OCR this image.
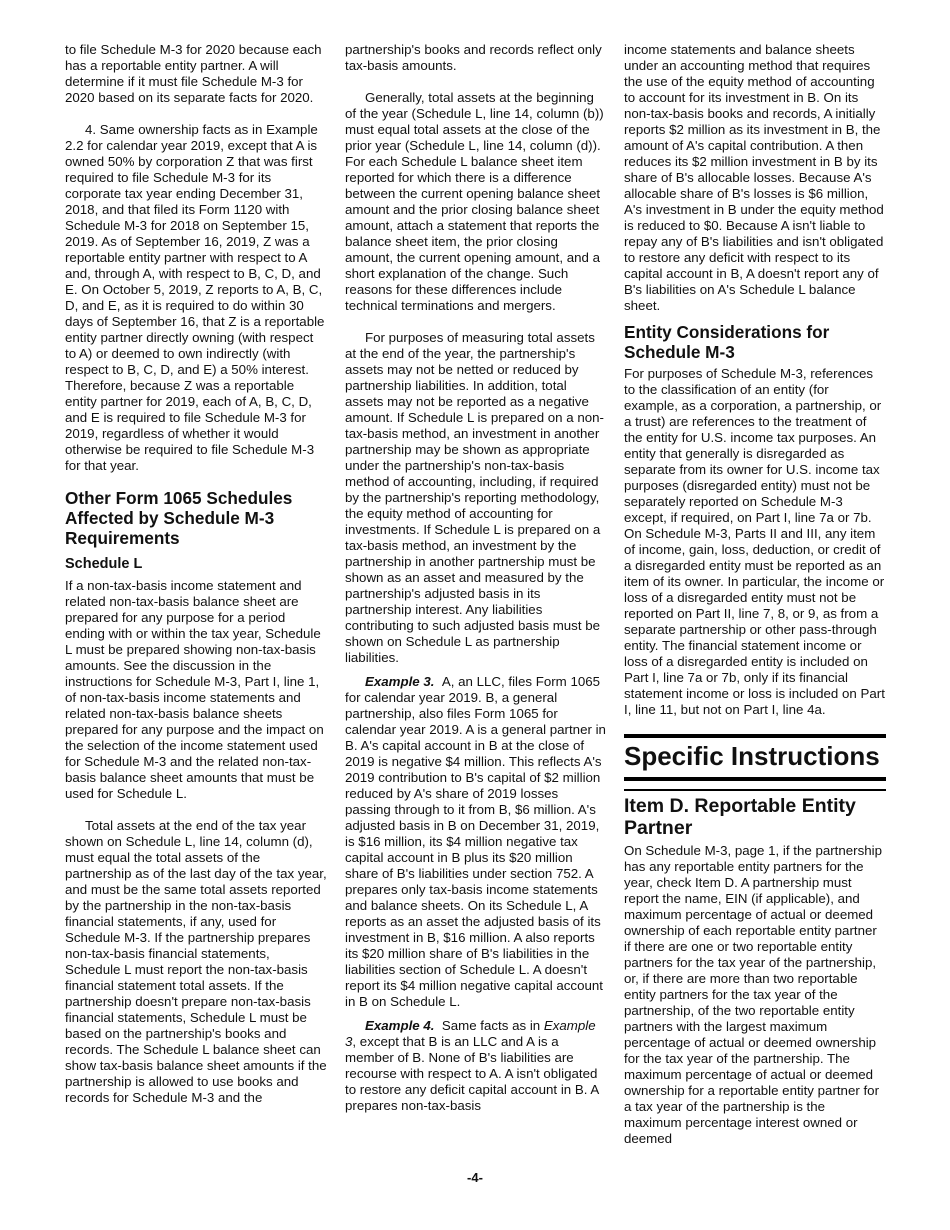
to file Schedule M-3 for 2020 because each has a reportable entity partner. A will determine if it must file Schedule M-3 for 2020 based on its separate facts for 2020.

4. Same ownership facts as in Example 2.2 for calendar year 2019, except that A is owned 50% by corporation Z that was first required to file Schedule M-3 for its corporate tax year ending December 31, 2018, and that filed its Form 1120 with Schedule M-3 for 2018 on September 15, 2019. As of September 16, 2019, Z was a reportable entity partner with respect to A and, through A, with respect to B, C, D, and E. On October 5, 2019, Z reports to A, B, C, D, and E, as it is required to do within 30 days of September 16, that Z is a reportable entity partner directly owning (with respect to A) or deemed to own indirectly (with respect to B, C, D, and E) a 50% interest. Therefore, because Z was a reportable entity partner for 2019, each of A, B, C, D, and E is required to file Schedule M-3 for 2019, regardless of whether it would otherwise be required to file Schedule M-3 for that year.

Other Form 1065 Schedules Affected by Schedule M-3 Requirements
Schedule L

If a non-tax-basis income statement and related non-tax-basis balance sheet are prepared for any purpose for a period ending with or within the tax year, Schedule L must be prepared showing non-tax-basis amounts. See the discussion in the instructions for Schedule M-3, Part I, line 1, of non-tax-basis income statements and related non-tax-basis balance sheets prepared for any purpose and the impact on the selection of the income statement used for Schedule M-3 and the related non-tax-basis balance sheet amounts that must be used for Schedule L.

Total assets at the end of the tax year shown on Schedule L, line 14, column (d), must equal the total assets of the partnership as of the last day of the tax year, and must be the same total assets reported by the partnership in the non-tax-basis financial statements, if any, used for Schedule M-3. If the partnership prepares non-tax-basis financial statements, Schedule L must report the non-tax-basis financial statement total assets. If the partnership doesn't prepare non-tax-basis financial statements, Schedule L must be based on the partnership's books and records. The Schedule L balance sheet can show tax-basis balance sheet amounts if the partnership is allowed to use books and records for Schedule M-3 and the

partnership's books and records reflect only tax-basis amounts.

Generally, total assets at the beginning of the year (Schedule L, line 14, column (b)) must equal total assets at the close of the prior year (Schedule L, line 14, column (d)). For each Schedule L balance sheet item reported for which there is a difference between the current opening balance sheet amount and the prior closing balance sheet amount, attach a statement that reports the balance sheet item, the prior closing amount, the current opening amount, and a short explanation of the change. Such reasons for these differences include technical terminations and mergers.

For purposes of measuring total assets at the end of the year, the partnership's assets may not be netted or reduced by partnership liabilities. In addition, total assets may not be reported as a negative amount. If Schedule L is prepared on a non-tax-basis method, an investment in another partnership may be shown as appropriate under the partnership's non-tax-basis method of accounting, including, if required by the partnership's reporting methodology, the equity method of accounting for investments. If Schedule L is prepared on a tax-basis method, an investment by the partnership in another partnership must be shown as an asset and measured by the partnership's adjusted basis in its partnership interest. Any liabilities contributing to such adjusted basis must be shown on Schedule L as partnership liabilities.

Example 3. A, an LLC, files Form 1065 for calendar year 2019. B, a general partnership, also files Form 1065 for calendar year 2019. A is a general partner in B. A's capital account in B at the close of 2019 is negative $4 million. This reflects A's 2019 contribution to B's capital of $2 million reduced by A's share of 2019 losses passing through to it from B, $6 million. A's adjusted basis in B on December 31, 2019, is $16 million, its $4 million negative tax capital account in B plus its $20 million share of B's liabilities under section 752. A prepares only tax-basis income statements and balance sheets. On its Schedule L, A reports as an asset the adjusted basis of its investment in B, $16 million. A also reports its $20 million share of B's liabilities in the liabilities section of Schedule L. A doesn't report its $4 million negative capital account in B on Schedule L.

Example 4. Same facts as in Example 3, except that B is an LLC and A is a member of B. None of B's liabilities are recourse with respect to A. A isn't obligated to restore any deficit capital account in B. A prepares non-tax-basis

income statements and balance sheets under an accounting method that requires the use of the equity method of accounting to account for its investment in B. On its non-tax-basis books and records, A initially reports $2 million as its investment in B, the amount of A's capital contribution. A then reduces its $2 million investment in B by its share of B's allocable losses. Because A's allocable share of B's losses is $6 million, A's investment in B under the equity method is reduced to $0. Because A isn't liable to repay any of B's liabilities and isn't obligated to restore any deficit with respect to its capital account in B, A doesn't report any of B's liabilities on A's Schedule L balance sheet.

Entity Considerations for Schedule M-3

For purposes of Schedule M-3, references to the classification of an entity (for example, as a corporation, a partnership, or a trust) are references to the treatment of the entity for U.S. income tax purposes. An entity that generally is disregarded as separate from its owner for U.S. income tax purposes (disregarded entity) must not be separately reported on Schedule M-3 except, if required, on Part I, line 7a or 7b. On Schedule M-3, Parts II and III, any item of income, gain, loss, deduction, or credit of a disregarded entity must be reported as an item of its owner. In particular, the income or loss of a disregarded entity must not be reported on Part II, line 7, 8, or 9, as from a separate partnership or other pass-through entity. The financial statement income or loss of a disregarded entity is included on Part I, line 7a or 7b, only if its financial statement income or loss is included on Part I, line 11, but not on Part I, line 4a.

Specific Instructions
Item D. Reportable Entity Partner

On Schedule M-3, page 1, if the partnership has any reportable entity partners for the year, check Item D. A partnership must report the name, EIN (if applicable), and maximum percentage of actual or deemed ownership of each reportable entity partner if there are one or two reportable entity partners for the tax year of the partnership, or, if there are more than two reportable entity partners for the tax year of the partnership, of the two reportable entity partners with the largest maximum percentage of actual or deemed ownership for the tax year of the partnership. The maximum percentage of actual or deemed ownership for a reportable entity partner for a tax year of the partnership is the maximum percentage interest owned or deemed

-4-
